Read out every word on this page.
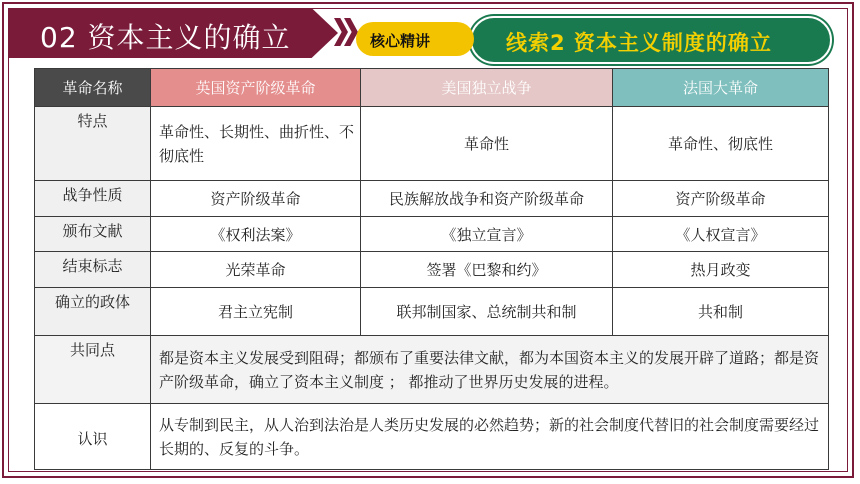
02 资本主义的确立	线索2 资本主义制度的确立
核心精讲
革命名称	英国资产阶级革命	美国独立战争	法国大革命
特点	革命性、长期性、曲折性、不彻底性	革命性	革命性、彻底性
战争性质	资产阶级革命	民族解放战争和资产阶级革命	资产阶级革命
颁布文献	《权利法案》	《独立宣言》	《人权宣言》
结束标志	光荣革命	签署《巴黎和约》	热月政变
确立的政体	君主立宪制	联邦制国家、总统制共和制	共和制
共同点	都是资本主义发展受到阻碍；都颁布了重要法律文献，都为本国资本主义的发展开辟了道路；都是资产阶级革命，确立了资本主义制度 ； 都推动了世界历史发展的进程。		
认识	从专制到民主，从人治到法治是人类历史发展的必然趋势；新的社会制度代替旧的社会制度需要经过长期的、反复的斗争。		
